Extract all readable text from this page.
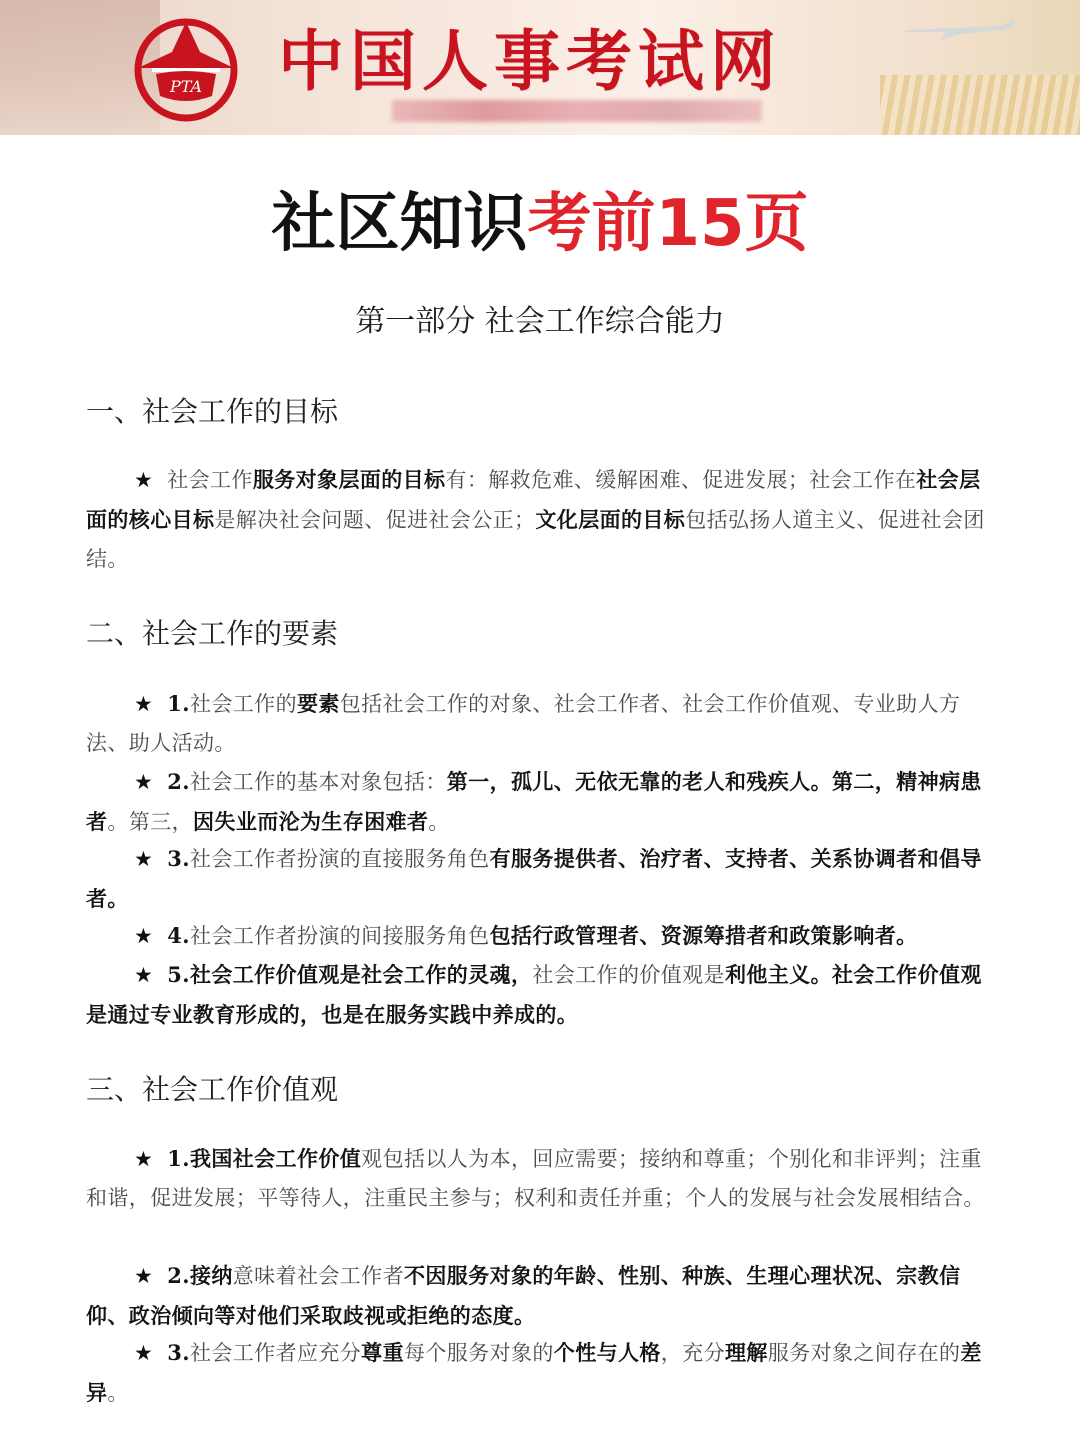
PTA 中国人事考试网
社区知识考前15页
第一部分 社会工作综合能力
一、社会工作的目标
★ 社会工作服务对象层面的目标有：解救危难、缓解困难、促进发展；社会工作在社会层面的核心目标是解决社会问题、促进社会公正；文化层面的目标包括弘扬人道主义、促进社会团结。
二、社会工作的要素
★ 1.社会工作的要素包括社会工作的对象、社会工作者、社会工作价值观、专业助人方法、助人活动。
★ 2.社会工作的基本对象包括：第一，孤儿、无依无靠的老人和残疾人。第二，精神病患者。第三，因失业而沦为生存困难者。
★ 3.社会工作者扮演的直接服务角色有服务提供者、治疗者、支持者、关系协调者和倡导者。
★ 4.社会工作者扮演的间接服务角色包括行政管理者、资源筹措者和政策影响者。
★ 5.社会工作价值观是社会工作的灵魂，社会工作的价值观是利他主义。社会工作价值观是通过专业教育形成的，也是在服务实践中养成的。
三、社会工作价值观
★ 1.我国社会工作价值观包括以人为本，回应需要；接纳和尊重；个别化和非评判；注重和谐，促进发展；平等待人，注重民主参与；权利和责任并重；个人的发展与社会发展相结合。
★ 2.接纳意味着社会工作者不因服务对象的年龄、性别、种族、生理心理状况、宗教信仰、政治倾向等对他们采取歧视或拒绝的态度。
★ 3.社会工作者应充分尊重每个服务对象的个性与人格，充分理解服务对象之间存在的差异。
